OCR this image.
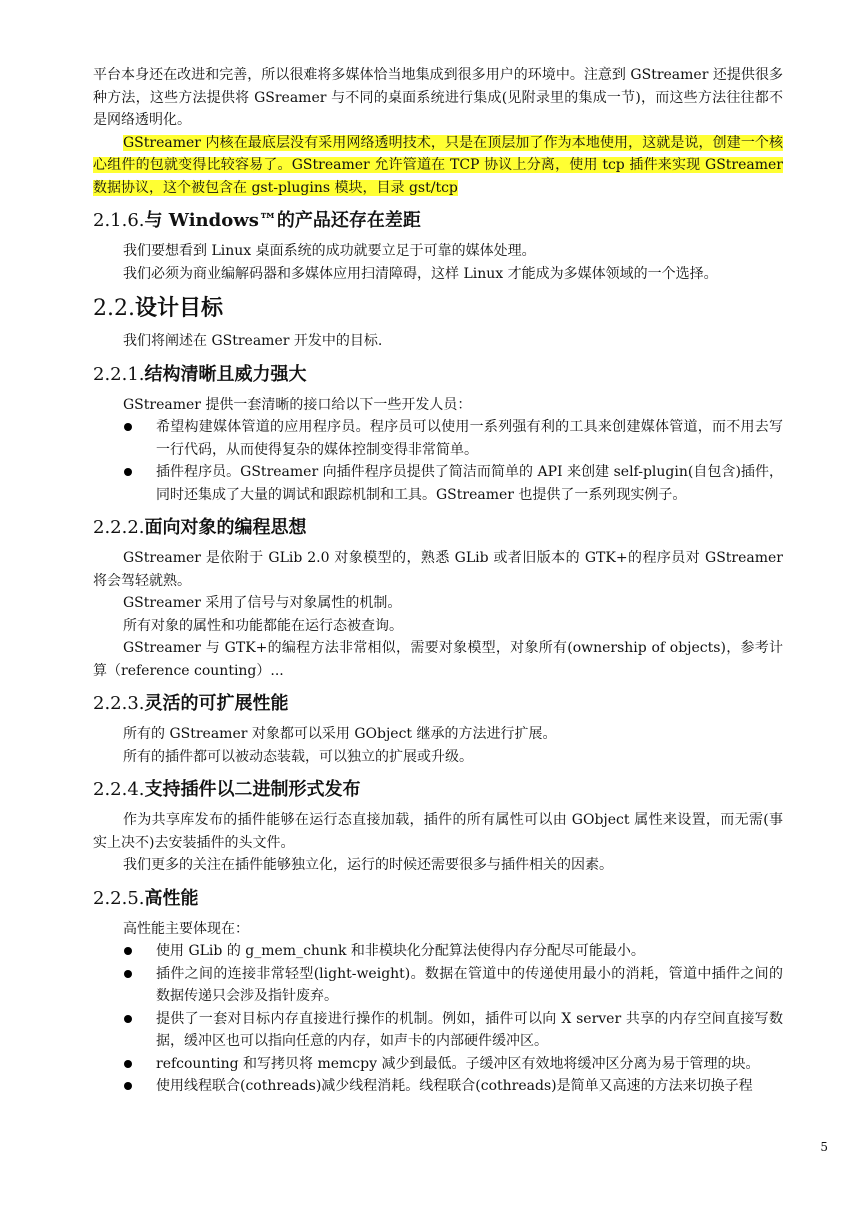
平台本身还在改进和完善，所以很难将多媒体恰当地集成到很多用户的环境中。注意到 GStreamer 还提供很多种方法，这些方法提供将 GSreamer 与不同的桌面系统进行集成(见附录里的集成一节)，而这些方法往往都不是网络透明化。

GStreamer 内核在最底层没有采用网络透明技术，只是在顶层加了作为本地使用，这就是说，创建一个核心组件的包就变得比较容易了。GStreamer 允许管道在 TCP 协议上分离，使用 tcp 插件来实现 GStreamer 数据协议，这个被包含在 gst-plugins 模块，目录 gst/tcp

2.1.6.与 Windows™的产品还存在差距

我们要想看到 Linux 桌面系统的成功就要立足于可靠的媒体处理。

我们必须为商业编解码器和多媒体应用扫清障碍，这样 Linux 才能成为多媒体领域的一个选择。

2.2.设计目标

我们将阐述在 GStreamer 开发中的目标.

2.2.1.结构清晰且威力强大

GStreamer 提供一套清晰的接口给以下一些开发人员：

希望构建媒体管道的应用程序员。程序员可以使用一系列强有利的工具来创建媒体管道，而不用去写一行代码，从而使得复杂的媒体控制变得非常简单。
插件程序员。GStreamer 向插件程序员提供了简洁而简单的 API 来创建 self-plugin(自包含)插件，同时还集成了大量的调试和跟踪机制和工具。GStreamer 也提供了一系列现实例子。
2.2.2.面向对象的编程思想

GStreamer 是依附于 GLib 2.0 对象模型的，熟悉 GLib 或者旧版本的 GTK+的程序员对 GStreamer 将会驾轻就熟。

GStreamer 采用了信号与对象属性的机制。

所有对象的属性和功能都能在运行态被查询。

GStreamer 与 GTK+的编程方法非常相似，需要对象模型，对象所有(ownership of objects)，参考计算（reference counting）...

2.2.3.灵活的可扩展性能

所有的 GStreamer 对象都可以采用 GObject 继承的方法进行扩展。

所有的插件都可以被动态装载，可以独立的扩展或升级。

2.2.4.支持插件以二进制形式发布

作为共享库发布的插件能够在运行态直接加载，插件的所有属性可以由 GObject 属性来设置，而无需(事实上决不)去安装插件的头文件。

我们更多的关注在插件能够独立化，运行的时候还需要很多与插件相关的因素。

2.2.5.高性能

高性能主要体现在：

使用 GLib 的 g_mem_chunk 和非模块化分配算法使得内存分配尽可能最小。
插件之间的连接非常轻型(light-weight)。数据在管道中的传递使用最小的消耗，管道中插件之间的数据传递只会涉及指针废弃。
提供了一套对目标内存直接进行操作的机制。例如，插件可以向 X server 共享的内存空间直接写数据，缓冲区也可以指向任意的内存，如声卡的内部硬件缓冲区。
refcounting 和写拷贝将 memcpy 减少到最低。子缓冲区有效地将缓冲区分离为易于管理的块。
使用线程联合(cothreads)减少线程消耗。线程联合(cothreads)是简单又高速的方法来切换子程
5
